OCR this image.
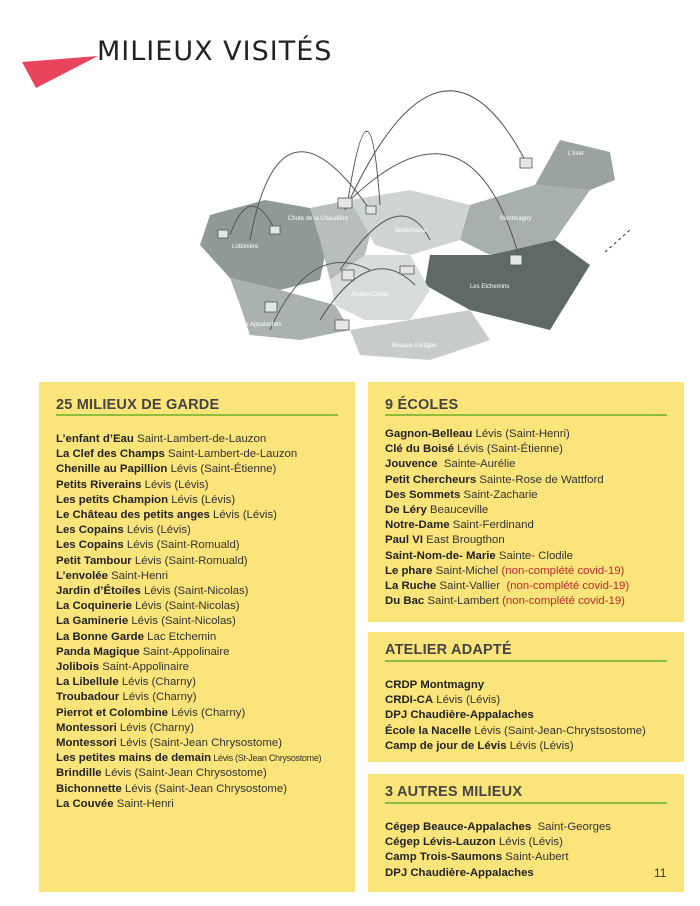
MILIEUX VISITÉS
Chute de la Chaudière
Lotbinière
Bellechasse
Montmagny
L'Islet
Les Etchemins
Robert-Cliche
Des Appalaches
Beauce-Sartigan
25 MILIEUX DE GARDE
L’enfant d’Eau Saint-Lambert-de-Lauzon
La Clef des Champs Saint-Lambert-de-Lauzon
Chenille au Papillion Lévis (Saint-Étienne)
Petits Riverains Lévis (Lévis)
Les petits Champion Lévis (Lévis)
Le Château des petits anges Lévis (Lévis)
Les Copains Lévis (Lévis)
Les Copains Lévis (Saint-Romuald)
Petit Tambour Lévis (Saint-Romuald)
L’envolée Saint-Henri
Jardin d’Étoiles Lévis (Saint-Nicolas)
La Coquinerie Lévis (Saint-Nicolas)
La Gaminerie Lévis (Saint-Nicolas)
La Bonne Garde Lac Etchemin
Panda Magique Saint-Appolinaire
Jolibois Saint-Appolinaire
La Libellule Lévis (Charny)
Troubadour Lévis (Charny)
Pierrot et Colombine Lévis (Charny)
Montessori Lévis (Charny)
Montessori Lévis (Saint-Jean Chrysostome)
Les petites mains de demain Lévis (St-Jean Chrysostome)
Brindille Lévis (Saint-Jean Chrysostome)
Bichonnette Lévis (Saint-Jean Chrysostome)
La Couvée Saint-Henri
9 ÉCOLES
Gagnon-Belleau Lévis (Saint-Henri)
Clé du Boisé Lévis (Saint-Étienne)
Jouvence  Sainte-Aurélie
Petit Chercheurs Sainte-Rose de Wattford
Des Sommets Saint-Zacharie
De Léry Beauceville
Notre-Dame Saint-Ferdinand
Paul VI East Brougthon
Saint-Nom-de- Marie Sainte- Clodile
Le phare Saint-Michel (non-complété covid-19)
La Ruche Saint-Vallier  (non-complété covid-19)
Du Bac Saint-Lambert (non-complété covid-19)
ATELIER ADAPTÉ
CRDP Montmagny
CRDI-CA Lévis (Lévis)
DPJ Chaudière-Appalaches
École la Nacelle Lévis (Saint-Jean-Chrystsostome)
Camp de jour de Lévis Lévis (Lévis)
3 AUTRES MILIEUX
Cégep Beauce-Appalaches  Saint-Georges
Cégep Lévis-Lauzon Lévis (Lévis)
Camp Trois-Saumons Saint-Aubert
DPJ Chaudière-Appalaches	11
